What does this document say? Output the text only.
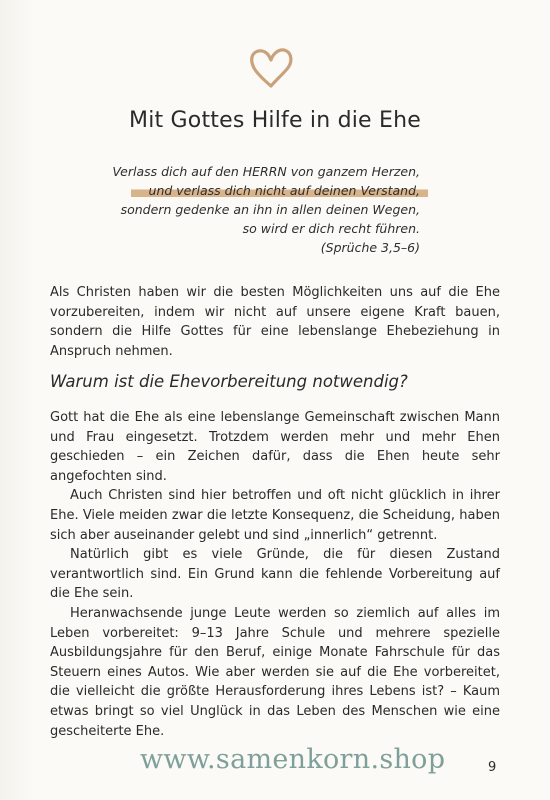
Mit Gottes Hilfe in die Ehe
Verlass dich auf den HERRN von ganzem Herzen,
und verlass dich nicht auf deinen Verstand,
sondern gedenke an ihn in allen deinen Wegen,
so wird er dich recht führen.
(Sprüche 3,5–6)
Als Christen haben wir die besten Möglichkeiten uns auf die Ehe vorzubereiten, indem wir nicht auf unsere eigene Kraft bauen, sondern die Hilfe Gottes für eine lebenslange Ehebeziehung in Anspruch nehmen.
Warum ist die Ehevorbereitung notwendig?

Gott hat die Ehe als eine lebenslange Gemeinschaft zwischen Mann und Frau eingesetzt. Trotzdem werden mehr und mehr Ehen geschieden – ein Zeichen dafür, dass die Ehen heute sehr angefochten sind.

Auch Christen sind hier betroffen und oft nicht glücklich in ihrer Ehe. Viele meiden zwar die letzte Konsequenz, die Scheidung, haben sich aber auseinander gelebt und sind „innerlich“ getrennt.

Natürlich gibt es viele Gründe, die für diesen Zustand verantwortlich sind. Ein Grund kann die fehlende Vorbereitung auf die Ehe sein.

Heranwachsende junge Leute werden so ziemlich auf alles im Leben vorbereitet: 9–13 Jahre Schule und mehrere spezielle Ausbildungsjahre für den Beruf, einige Monate Fahrschule für das Steuern eines Autos. Wie aber werden sie auf die Ehe vorbereitet, die vielleicht die größte Herausforderung ihres Lebens ist? – Kaum etwas bringt so viel Unglück in das Leben des Menschen wie eine gescheiterte Ehe.

www.samenkorn.shop	9
